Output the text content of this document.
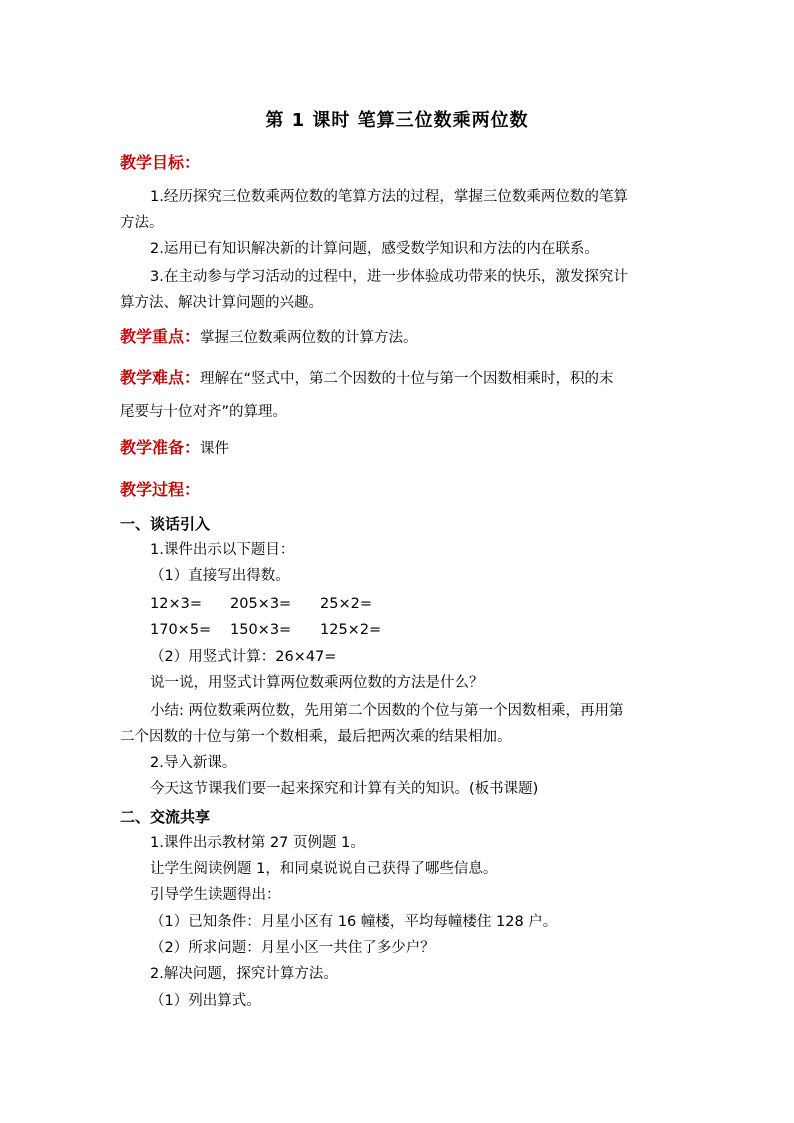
第 1 课时 笔算三位数乘两位数
教学目标：
1.经历探究三位数乘两位数的笔算方法的过程，掌握三位数乘两位数的笔算
方法。
2.运用已有知识解决新的计算问题，感受数学知识和方法的内在联系。
3.在主动参与学习活动的过程中，进一步体验成功带来的快乐，激发探究计
算方法、解决计算问题的兴趣。
教学重点：掌握三位数乘两位数的计算方法。
教学难点：理解在“竖式中，第二个因数的十位与第一个因数相乘时，积的末
尾要与十位对齐”的算理。
教学准备：课件
教学过程：
一、谈话引入
1.课件出示以下题目：
（1）直接写出得数。
12×3= 205×3= 25×2=
170×5= 150×3= 125×2=
（2）用竖式计算：26×47=
说一说，用竖式计算两位数乘两位数的方法是什么？
小结: 两位数乘两位数，先用第二个因数的个位与第一个因数相乘，再用第
二个因数的十位与第一个数相乘，最后把两次乘的结果相加。
2.导入新课。
今天这节课我们要一起来探究和计算有关的知识。(板书课题)
二、交流共享
1.课件出示教材第 27 页例题 1。
让学生阅读例题 1，和同桌说说自己获得了哪些信息。
引导学生读题得出：
（1）已知条件：月星小区有 16 幢楼，平均每幢楼住 128 户。
（2）所求问题：月星小区一共住了多少户？
2.解决问题，探究计算方法。
（1）列出算式。
